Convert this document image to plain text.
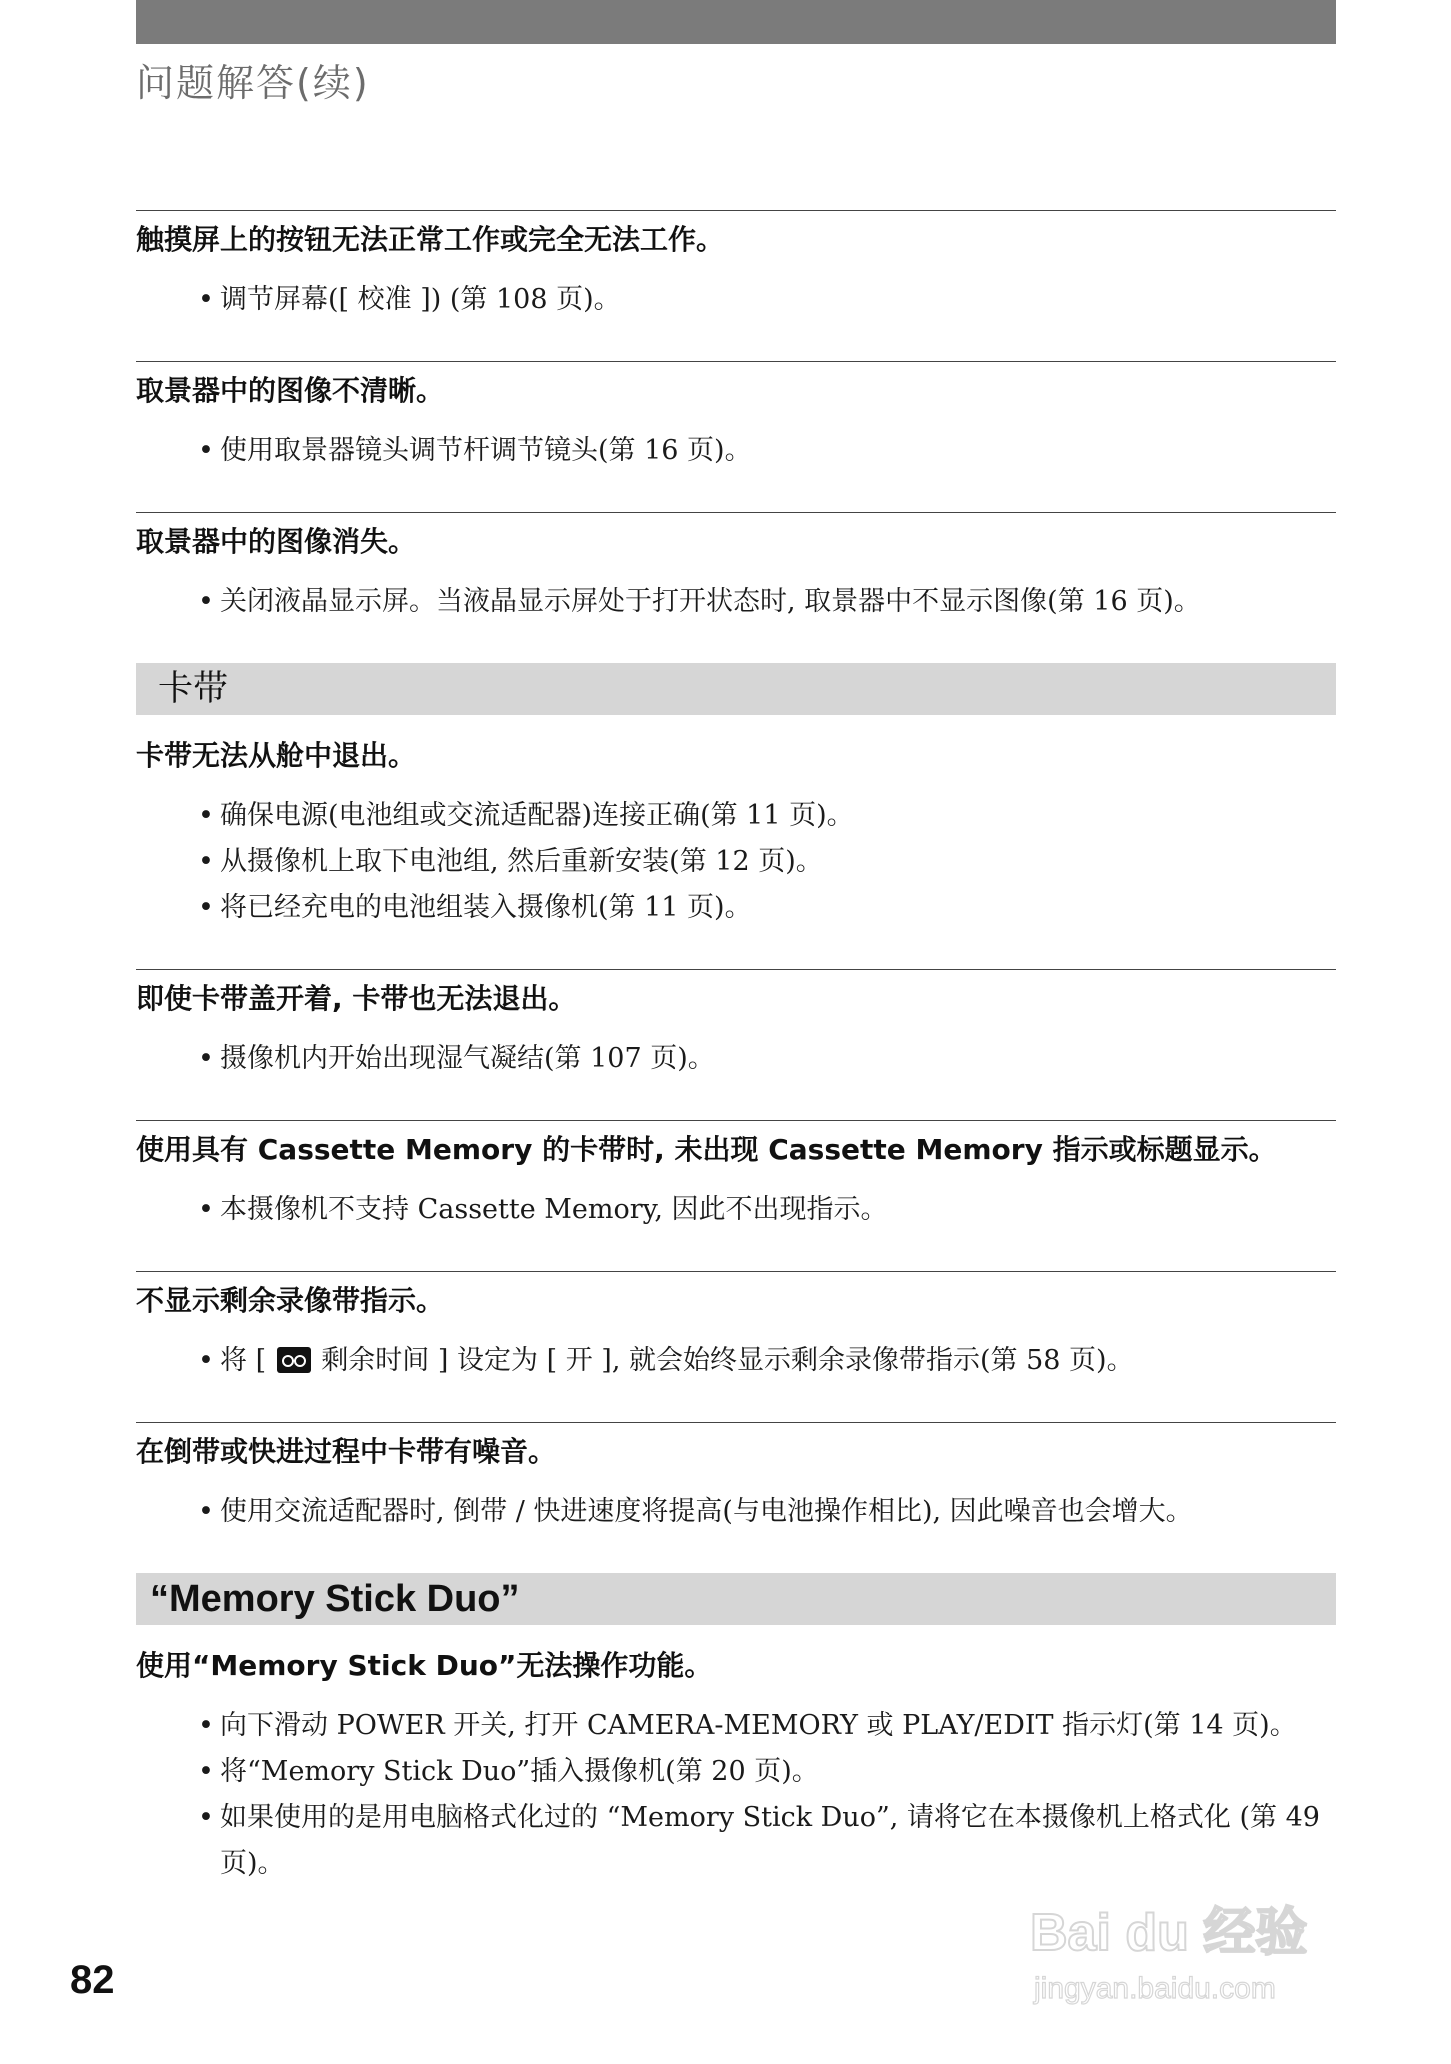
问题解答(续)
触摸屏上的按钮无法正常工作或完全无法工作。
• 调节屏幕([ 校准 ]) (第 108 页)。
取景器中的图像不清晰。
• 使用取景器镜头调节杆调节镜头(第 16 页)。
取景器中的图像消失。
• 关闭液晶显示屏。当液晶显示屏处于打开状态时, 取景器中不显示图像(第 16 页)。
卡带
卡带无法从舱中退出。
• 确保电源(电池组或交流适配器)连接正确(第 11 页)。
• 从摄像机上取下电池组, 然后重新安装(第 12 页)。
• 将已经充电的电池组装入摄像机(第 11 页)。
即使卡带盖开着, 卡带也无法退出。
• 摄像机内开始出现湿气凝结(第 107 页)。
使用具有 Cassette Memory 的卡带时, 未出现 Cassette Memory 指示或标题显示。
• 本摄像机不支持 Cassette Memory, 因此不出现指示。
不显示剩余录像带指示。
• 将 [ 剩余时间 ] 设定为 [ 开 ], 就会始终显示剩余录像带指示(第 58 页)。
在倒带或快进过程中卡带有噪音。
• 使用交流适配器时, 倒带 / 快进速度将提高(与电池操作相比), 因此噪音也会增大。
“Memory Stick Duo”
使用“Memory Stick Duo”无法操作功能。
• 向下滑动 POWER 开关, 打开 CAMERA-MEMORY 或 PLAY/EDIT 指示灯(第 14 页)。
• 将“Memory Stick Duo”插入摄像机(第 20 页)。
• 如果使用的是用电脑格式化过的 “Memory Stick Duo”, 请将它在本摄像机上格式化 (第 49 页)。
82
Bai du 经验
jingyan.baidu.com
